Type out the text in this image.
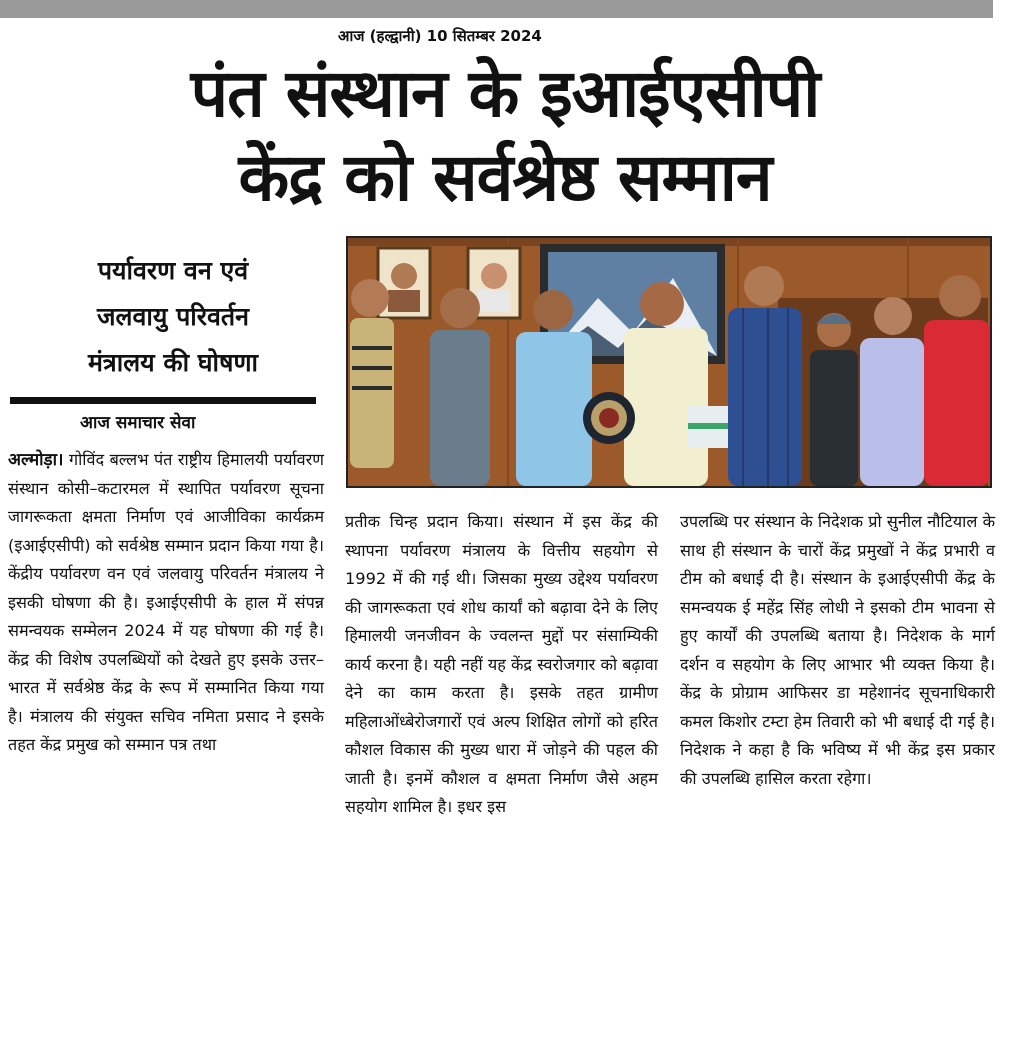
आज (हल्द्वानी) 10 सितम्बर 2024
पंत संस्थान के इआईएसीपी
केंद्र को सर्वश्रेष्ठ सम्मान
पर्यावरण वन एवं
जलवायु परिवर्तन
मंत्रालय की घोषणा
आज समाचार सेवा

अल्मोड़ा। गोविंद बल्लभ पंत राष्ट्रीय हिमालयी पर्यावरण संस्थान कोसी–कटारमल में स्थापित पर्यावरण सूचना जागरूकता क्षमता निर्माण एवं आजीविका कार्यक्रम (इआईएसीपी) को सर्वश्रेष्ठ सम्मान प्रदान किया गया है। केंद्रीय पर्यावरण वन एवं जलवायु परिवर्तन मंत्रालय ने इसकी घोषणा की है। इआईएसीपी के हाल में संपन्न समन्वयक सम्मेलन 2024 में यह घोषणा की गई है। केंद्र की विशेष उपलब्धियों को देखते हुए इसके उत्तर–भारत में सर्वश्रेष्ठ केंद्र के रूप में सम्मानित किया गया है। मंत्रालय की संयुक्त सचिव नमिता प्रसाद ने इसके तहत केंद्र प्रमुख को सम्मान पत्र तथा

प्रतीक चिन्ह प्रदान किया। संस्थान में इस केंद्र की स्थापना पर्यावरण मंत्रालय के वित्तीय सहयोग से 1992 में की गई थी। जिसका मुख्य उद्देश्य पर्यावरण की जागरूकता एवं शोध कार्यां को बढ़ावा देने के लिए हिमालयी जनजीवन के ज्वलन्त मुद्दों पर संसाम्यिकी कार्य करना है। यही नहीं यह केंद्र स्वरोजगार को बढ़ावा देने का काम करता है। इसके तहत ग्रामीण महिलाओंध्बेरोजगारों एवं अल्प शिक्षित लोगों को हरित कौशल विकास की मुख्य धारा में जोड़ने की पहल की जाती है। इनमें कौशल व क्षमता निर्माण जैसे अहम सहयोग शामिल है। इधर इस

उपलब्धि पर संस्थान के निदेशक प्रो सुनील नौटियाल के साथ ही संस्थान के चारों केंद्र प्रमुखों ने केंद्र प्रभारी व टीम को बधाई दी है। संस्थान के इआईएसीपी केंद्र के समन्वयक ई महेंद्र सिंह लोधी ने इसको टीम भावना से हुए कार्यों की उपलब्धि बताया है। निदेशक के मार्ग दर्शन व सहयोग के लिए आभार भी व्यक्त किया है। केंद्र के प्रोग्राम आफिसर डा महेशानंद सूचनाधिकारी कमल किशोर टम्टा हेम तिवारी को भी बधाई दी गई है। निदेशक ने कहा है कि भविष्य में भी केंद्र इस प्रकार की उपलब्धि हासिल करता रहेगा।
